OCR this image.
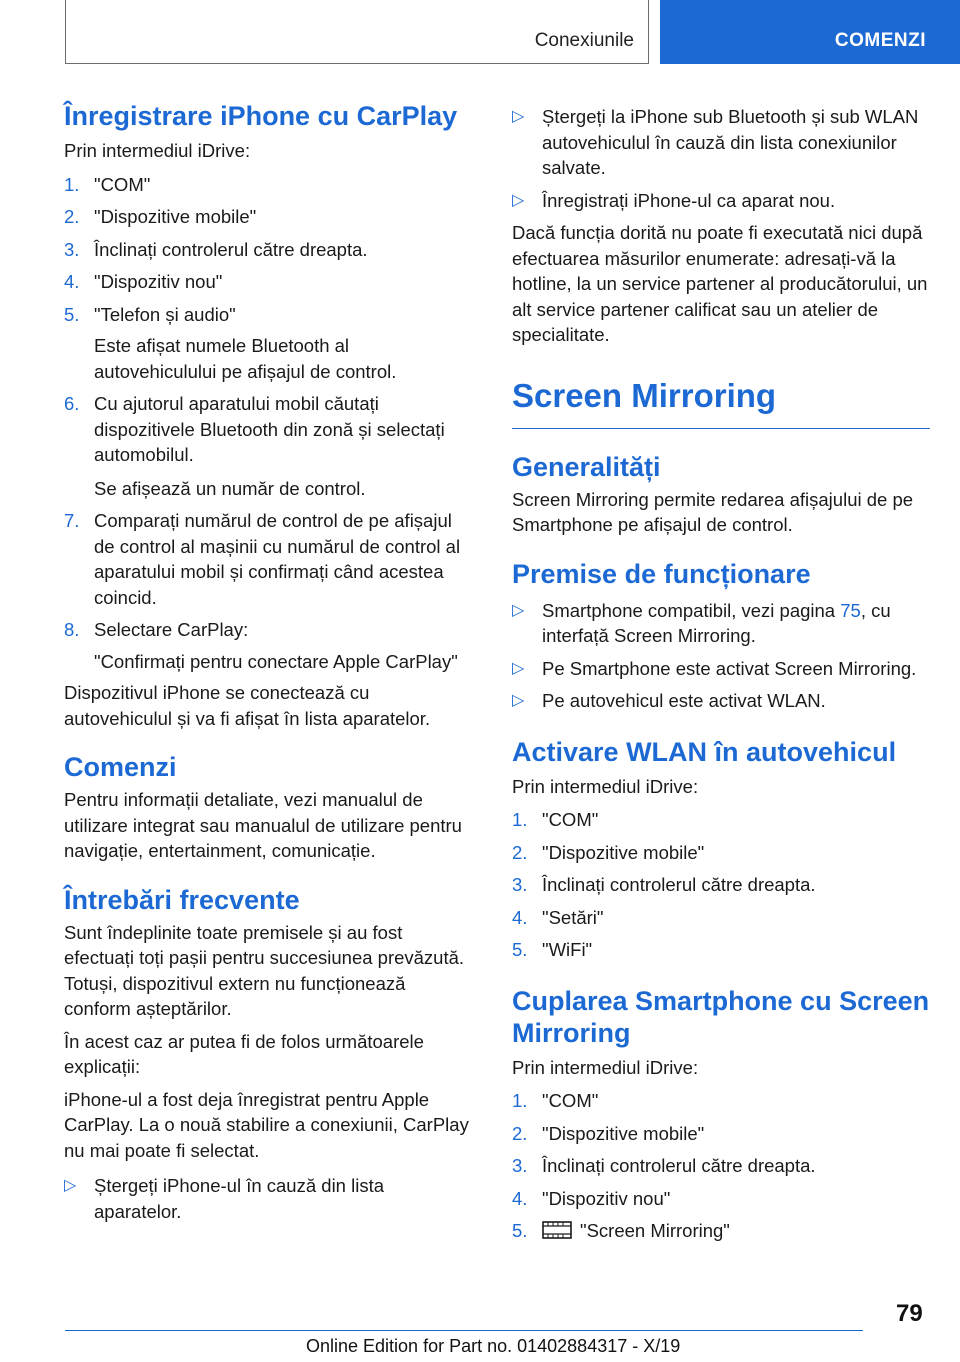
Conexiunile	COMENZI
Înregistrare iPhone cu CarPlay

Prin intermediul iDrive:

1. "COM"
2. "Dispozitive mobile"
3. Înclinați controlerul către dreapta.
4. "Dispozitiv nou"
5. "Telefon și audio"
Este afișat numele Bluetooth al autovehiculului pe afișajul de control.
6. Cu ajutorul aparatului mobil căutați dispozitivele Bluetooth din zonă și selectați automobilul.
Se afișează un număr de control.
7. Comparați numărul de control de pe afișajul de control al mașinii cu numărul de control al aparatului mobil și confirmați când acestea coincid.
8. Selectare CarPlay:
"Confirmați pentru conectare Apple CarPlay"

Dispozitivul iPhone se conectează cu autovehiculul și va fi afișat în lista aparatelor.

Comenzi

Pentru informații detaliate, vezi manualul de utilizare integrat sau manualul de utilizare pentru navigație, entertainment, comunicație.

Întrebări frecvente

Sunt îndeplinite toate premisele și au fost efectuați toți pașii pentru succesiunea prevăzută. Totuși, dispozitivul extern nu funcționează conform așteptărilor.

În acest caz ar putea fi de folos următoarele explicații:

iPhone-ul a fost deja înregistrat pentru Apple CarPlay. La o nouă stabilire a conexiunii, CarPlay nu mai poate fi selectat.

▷ Ștergeți iPhone-ul în cauză din lista aparatelor.
▷ Ștergeți la iPhone sub Bluetooth și sub WLAN autovehiculul în cauză din lista conexiunilor salvate.
▷ Înregistrați iPhone-ul ca aparat nou.

Dacă funcția dorită nu poate fi executată nici după efectuarea măsurilor enumerate: adresați-vă la hotline, la un service partener al producătorului, un alt service partener calificat sau un atelier de specialitate.

Screen Mirroring
Generalități

Screen Mirroring permite redarea afișajului de pe Smartphone pe afișajul de control.

Premise de funcționare
▷ Smartphone compatibil, vezi pagina 75, cu interfață Screen Mirroring.
▷ Pe Smartphone este activat Screen Mirroring.
▷ Pe autovehicul este activat WLAN.
Activare WLAN în autovehicul

Prin intermediul iDrive:

1. "COM"
2. "Dispozitive mobile"
3. Înclinați controlerul către dreapta.
4. "Setări"
5. "WiFi"
Cuplarea Smartphone cu Screen Mirroring

Prin intermediul iDrive:

1. "COM"
2. "Dispozitive mobile"
3. Înclinați controlerul către dreapta.
4. "Dispozitiv nou"
5.	"Screen Mirroring"
79
Online Edition for Part no. 01402884317 - X/19
